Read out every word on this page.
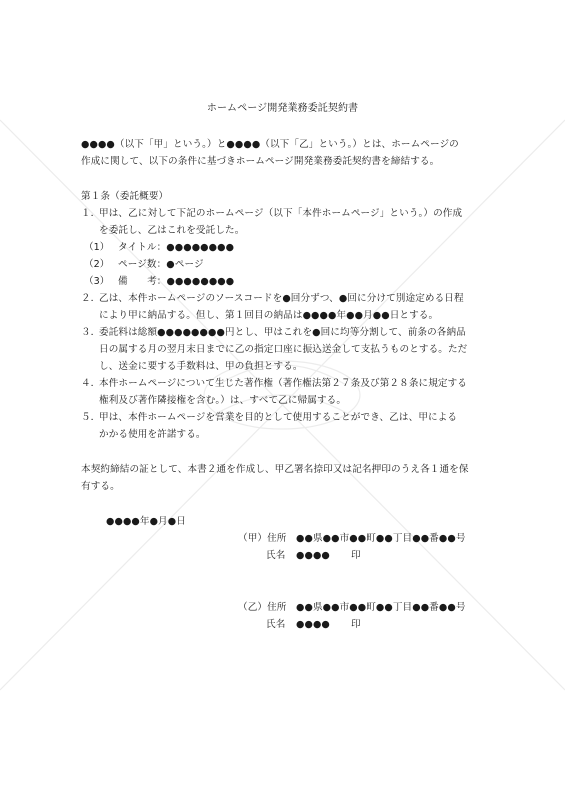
ホームページ開発業務委託契約書
●●●●（以下「甲」という。）と●●●●（以下「乙」という。）とは、ホームページの
作成に関して、以下の条件に基づきホームページ開発業務委託契約書を締結する。
第１条（委託概要）
１．
甲は、乙に対して下記のホームページ（以下「本件ホームページ」という。）の作成
を委託し、乙はこれを受託した。
（1） タイトル：●●●●●●●●
（2） ページ数：●ページ
（3） 備　　考：●●●●●●●●
２．
乙は、本件ホームページのソースコードを●回分ずつ、●回に分けて別途定める日程
により甲に納品する。但し、第１回目の納品は●●●●年●●月●●日とする。
３．
委託料は総額●●●●●●●●円とし、甲はこれを●回に均等分割して、前条の各納品
日の属する月の翌月末日までに乙の指定口座に振込送金して支払うものとする。ただ
し、送金に要する手数料は、甲の負担とする。
４．
本件ホームページについて生じた著作権（著作権法第２７条及び第２８条に規定する
権利及び著作隣接権を含む。）は、すべて乙に帰属する。
５．
甲は、本件ホームページを営業を目的として使用することができ、乙は、甲による
かかる使用を許諾する。
本契約締結の証として、本書２通を作成し、甲乙署名捺印又は記名押印のうえ各１通を保
有する。
●●●●年●月●日
（甲）住所 ●●県●●市●●町●●丁目●●番●●号
氏名 ●●●● 印
（乙）住所 ●●県●●市●●町●●丁目●●番●●号
氏名 ●●●● 印
